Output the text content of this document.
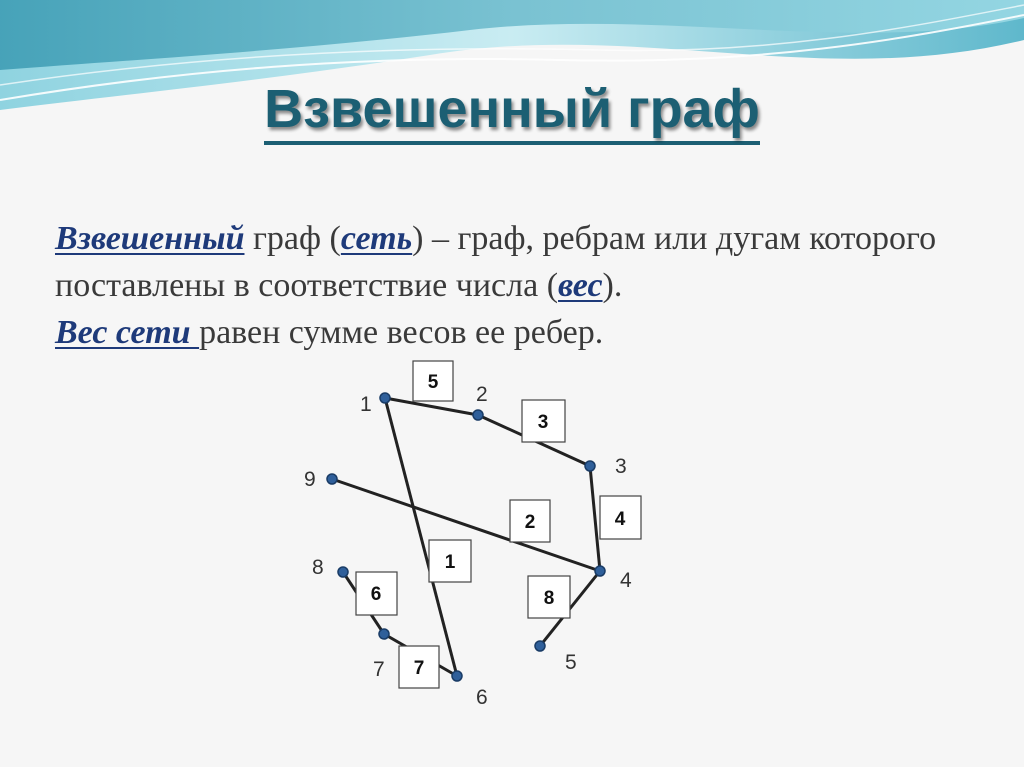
Взвешенный граф
Взвешенный граф (сеть) – граф, ребрам или дугам которого поставлены в соответствие числа (вес).
Вес сети равен сумме весов ее ребер.
5
3
4
2
1
6
7
8
1	2
3
4
5
6
7
8
9
